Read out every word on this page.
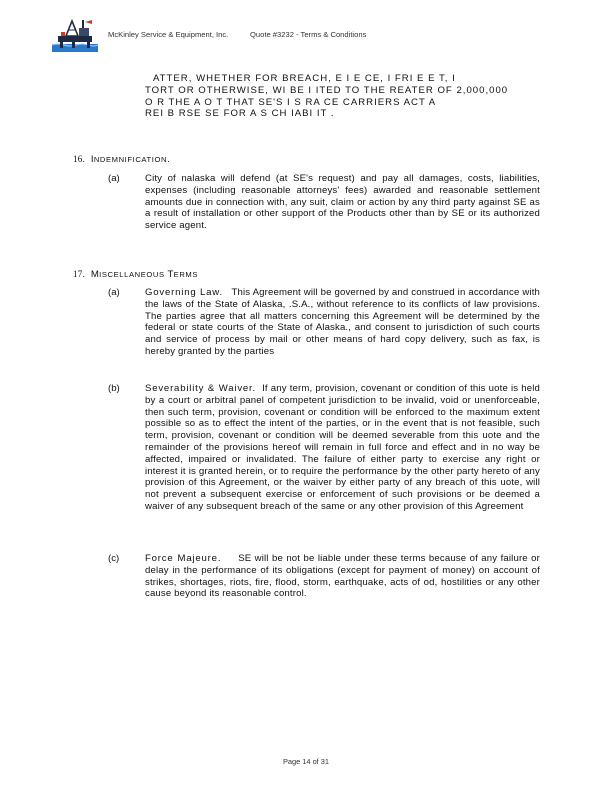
McKinley Service & Equipment, Inc.	Quote #3232 - Terms & Conditions
ATTER, WHETHER FOR BREACH, E I E CE, I FRI E E T, I
TORT OR OTHERWISE, WI BE I ITED TO THE REATER OF 2,000,000
O R THE A O T THAT SE'S I S RA CE CARRIERS ACT A
REI B RSE SE FOR A S CH IABI IT .
16. INDEMNIFICATION.
(a)	City of nalaska will defend (at SE's request) and pay all damages, costs, liabilities, expenses (including reasonable attorneys' fees) awarded and reasonable settlement amounts due in connection with, any suit, claim or action by any third party against SE as a result of installation or other support of the Products other than by SE or its authorized service agent.
17. MISCELLANEOUS TERMS
(a)	Governing Law. This Agreement will be governed by and construed in accordance with the laws of the State of Alaska, .S.A., without reference to its conflicts of law provisions. The parties agree that all matters concerning this Agreement will be determined by the federal or state courts of the State of Alaska., and consent to jurisdiction of such courts and service of process by mail or other means of hard copy delivery, such as fax, is hereby granted by the parties
(b)	Severability & Waiver. If any term, provision, covenant or condition of this uote is held by a court or arbitral panel of competent jurisdiction to be invalid, void or unenforceable, then such term, provision, covenant or condition will be enforced to the maximum extent possible so as to effect the intent of the parties, or in the event that is not feasible, such term, provision, covenant or condition will be deemed severable from this uote and the remainder of the provisions hereof will remain in full force and effect and in no way be affected, impaired or invalidated. The failure of either party to exercise any right or interest it is granted herein, or to require the performance by the other party hereto of any provision of this Agreement, or the waiver by either party of any breach of this uote, will not prevent a subsequent exercise or enforcement of such provisions or be deemed a waiver of any subsequent breach of the same or any other provision of this Agreement
(c)	Force Majeure. SE will be not be liable under these terms because of any failure or delay in the performance of its obligations (except for payment of money) on account of strikes, shortages, riots, fire, flood, storm, earthquake, acts of od, hostilities or any other cause beyond its reasonable control.
Page 14 of 31
